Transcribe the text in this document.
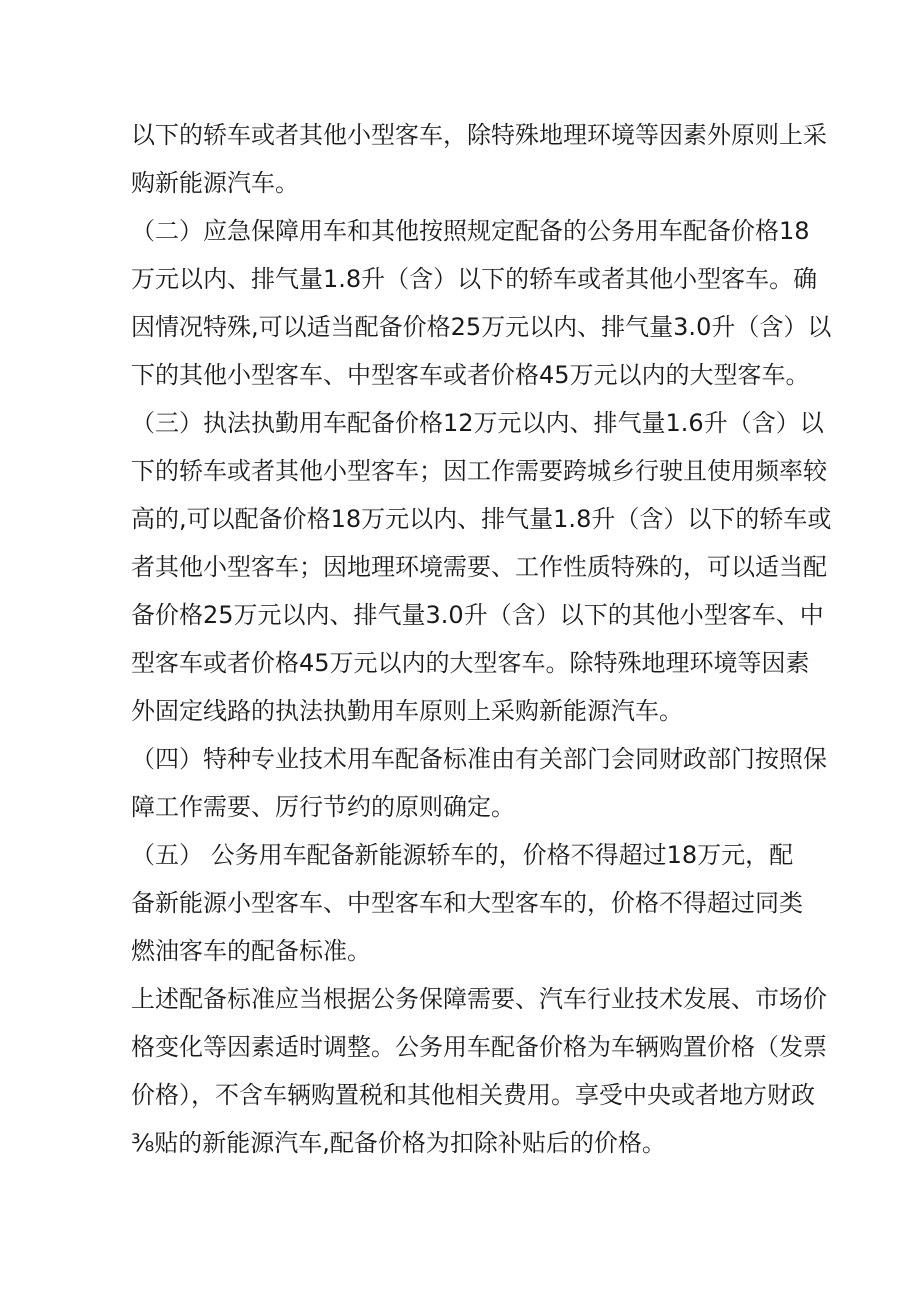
以下的轿车或者其他小型客车，除特殊地理环境等因素外原则上采
购新能源汽车。
（二）应急保障用车和其他按照规定配备的公务用车配备价格18
万元以内、排气量1.8升（含）以下的轿车或者其他小型客车。确
因情况特殊,可以适当配备价格25万元以内、排气量3.0升（含）以
下的其他小型客车、中型客车或者价格45万元以内的大型客车。
（三）执法执勤用车配备价格12万元以内、排气量1.6升（含）以
下的轿车或者其他小型客车；因工作需要跨城乡行驶且使用频率较
高的,可以配备价格18万元以内、排气量1.8升（含）以下的轿车或
者其他小型客车；因地理环境需要、工作性质特殊的，可以适当配
备价格25万元以内、排气量3.0升（含）以下的其他小型客车、中
型客车或者价格45万元以内的大型客车。除特殊地理环境等因素
外固定线路的执法执勤用车原则上采购新能源汽车。
（四）特种专业技术用车配备标准由有关部门会同财政部门按照保
障工作需要、厉行节约的原则确定。
（五） 公务用车配备新能源轿车的，价格不得超过18万元，配
备新能源小型客车、中型客车和大型客车的，价格不得超过同类
燃油客车的配备标准。
上述配备标准应当根据公务保障需要、汽车行业技术发展、市场价
格变化等因素适时调整。公务用车配备价格为车辆购置价格（发票
价格），不含车辆购置税和其他相关费用。享受中央或者地方财政
⅜贴的新能源汽车,配备价格为扣除补贴后的价格。
